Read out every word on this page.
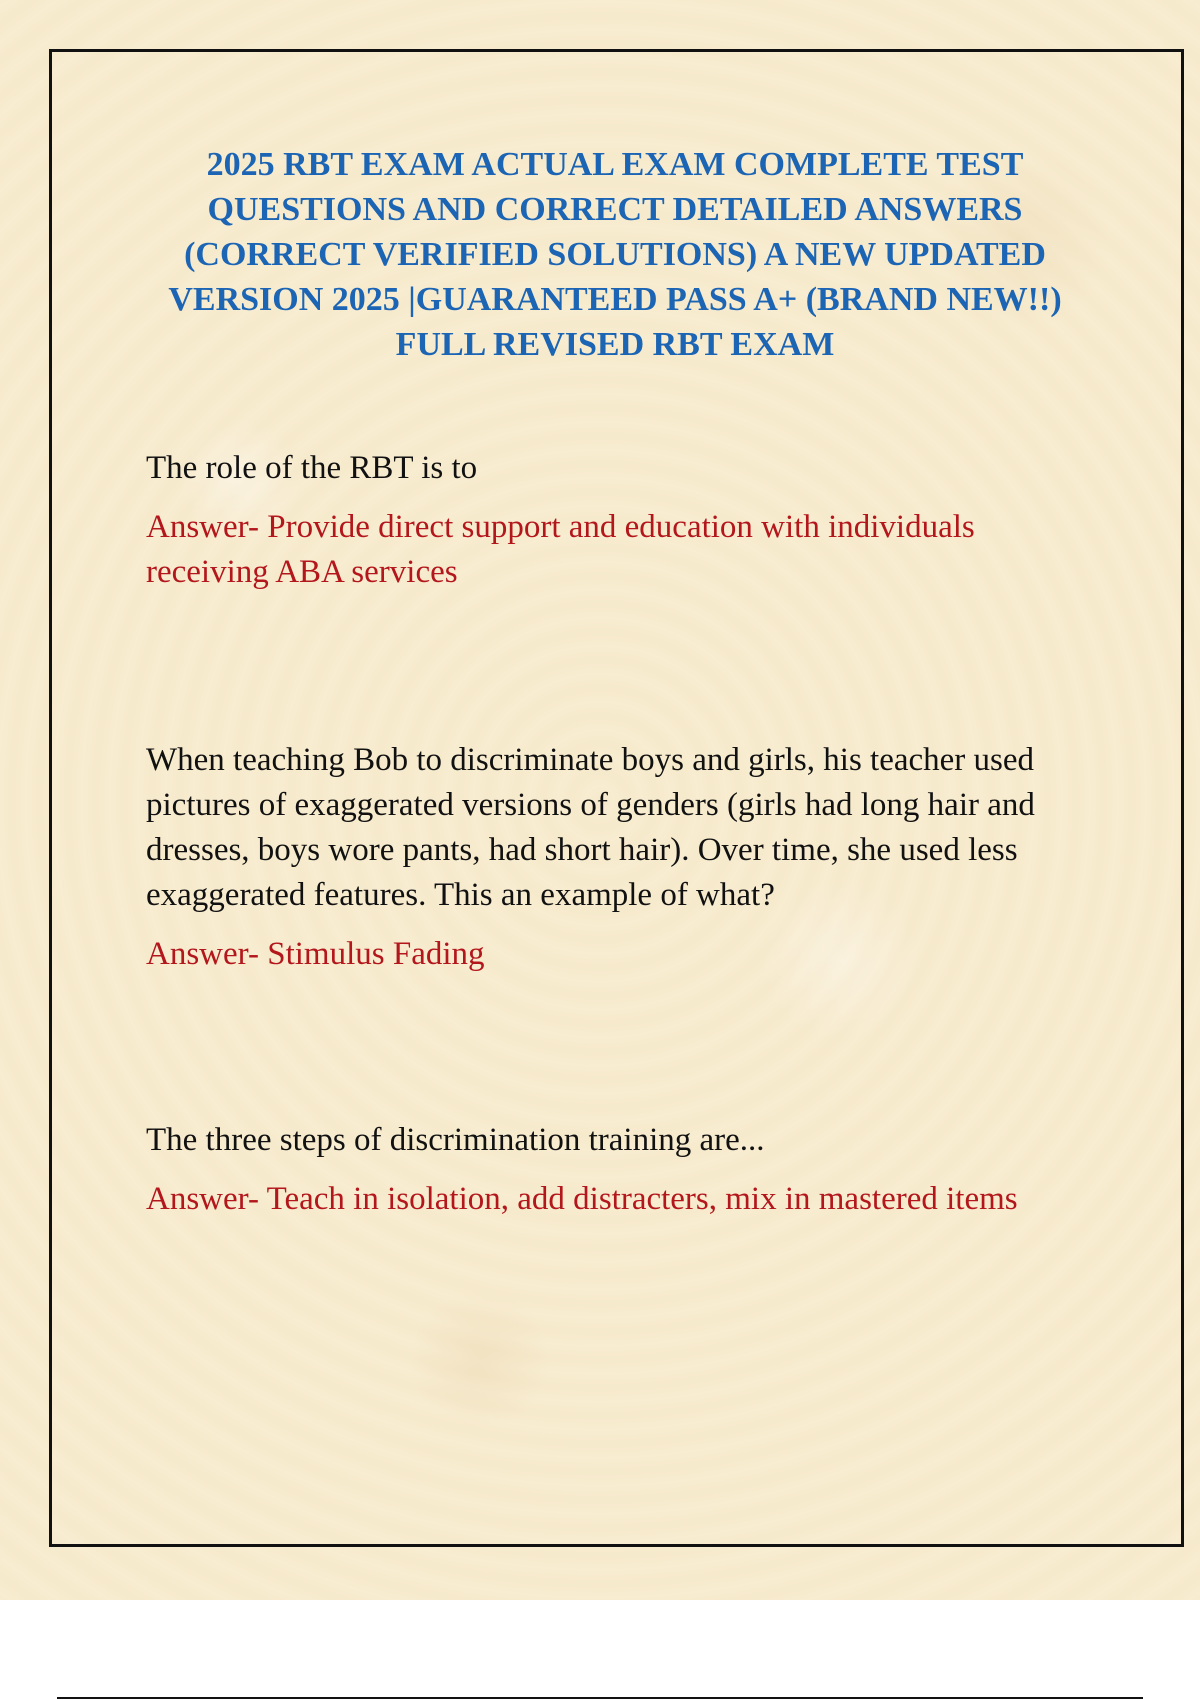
2025 RBT EXAM ACTUAL EXAM COMPLETE TEST QUESTIONS AND CORRECT DETAILED ANSWERS (CORRECT VERIFIED SOLUTIONS) A NEW UPDATED VERSION 2025 |GUARANTEED PASS A+ (BRAND NEW!!) FULL REVISED RBT EXAM

The role of the RBT is to

Answer- Provide direct support and education with individuals receiving ABA services

When teaching Bob to discriminate boys and girls, his teacher used pictures of exaggerated versions of genders (girls had long hair and dresses, boys wore pants, had short hair). Over time, she used less exaggerated features. This an example of what?

Answer- Stimulus Fading

The three steps of discrimination training are...

Answer- Teach in isolation, add distracters, mix in mastered items
